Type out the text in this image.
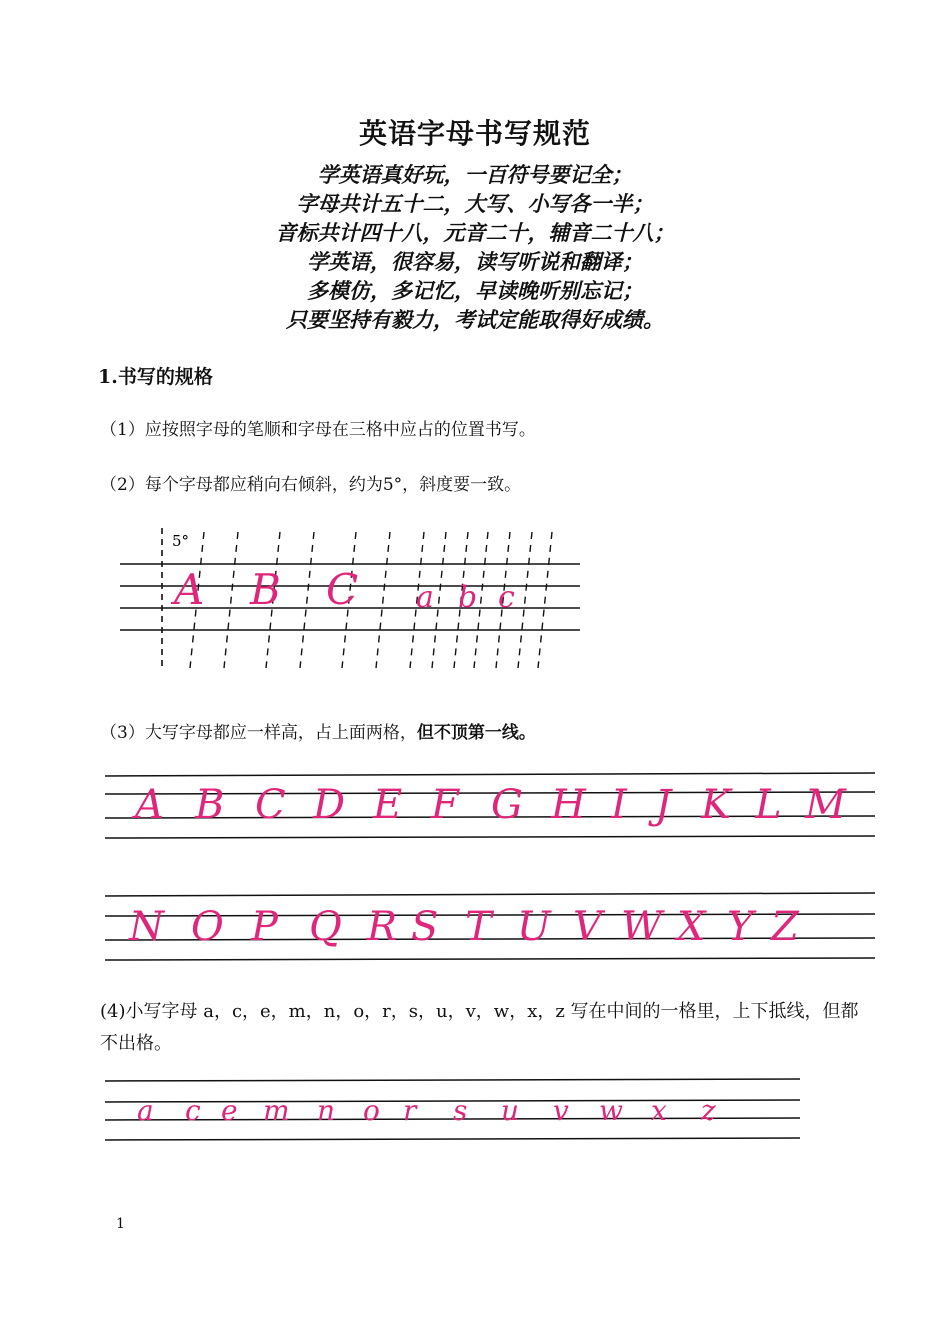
英语字母书写规范
学英语真好玩，一百符号要记全；
字母共计五十二，大写、小写各一半；
音标共计四十八，元音二十，辅音二十八；
学英语，很容易，读写听说和翻译；
多模仿，多记忆，早读晚听别忘记；
只要坚持有毅力，考试定能取得好成绩。
1.书写的规格
（1）应按照字母的笔顺和字母在三格中应占的位置书写。
（2）每个字母都应稍向右倾斜，约为5°，斜度要一致。
5°
A B C a b c
（3）大写字母都应一样高，占上面两格，但不顶第一线。
A B C D E F G H I J K L M
N O P Q R S T U V W X Y Z
(4)小写字母 a，c，e，m，n，o，r，s，u，v，w，x，z 写在中间的一格里，上下抵线，但都不出格。
a c e m n o r s u v w x z
1
